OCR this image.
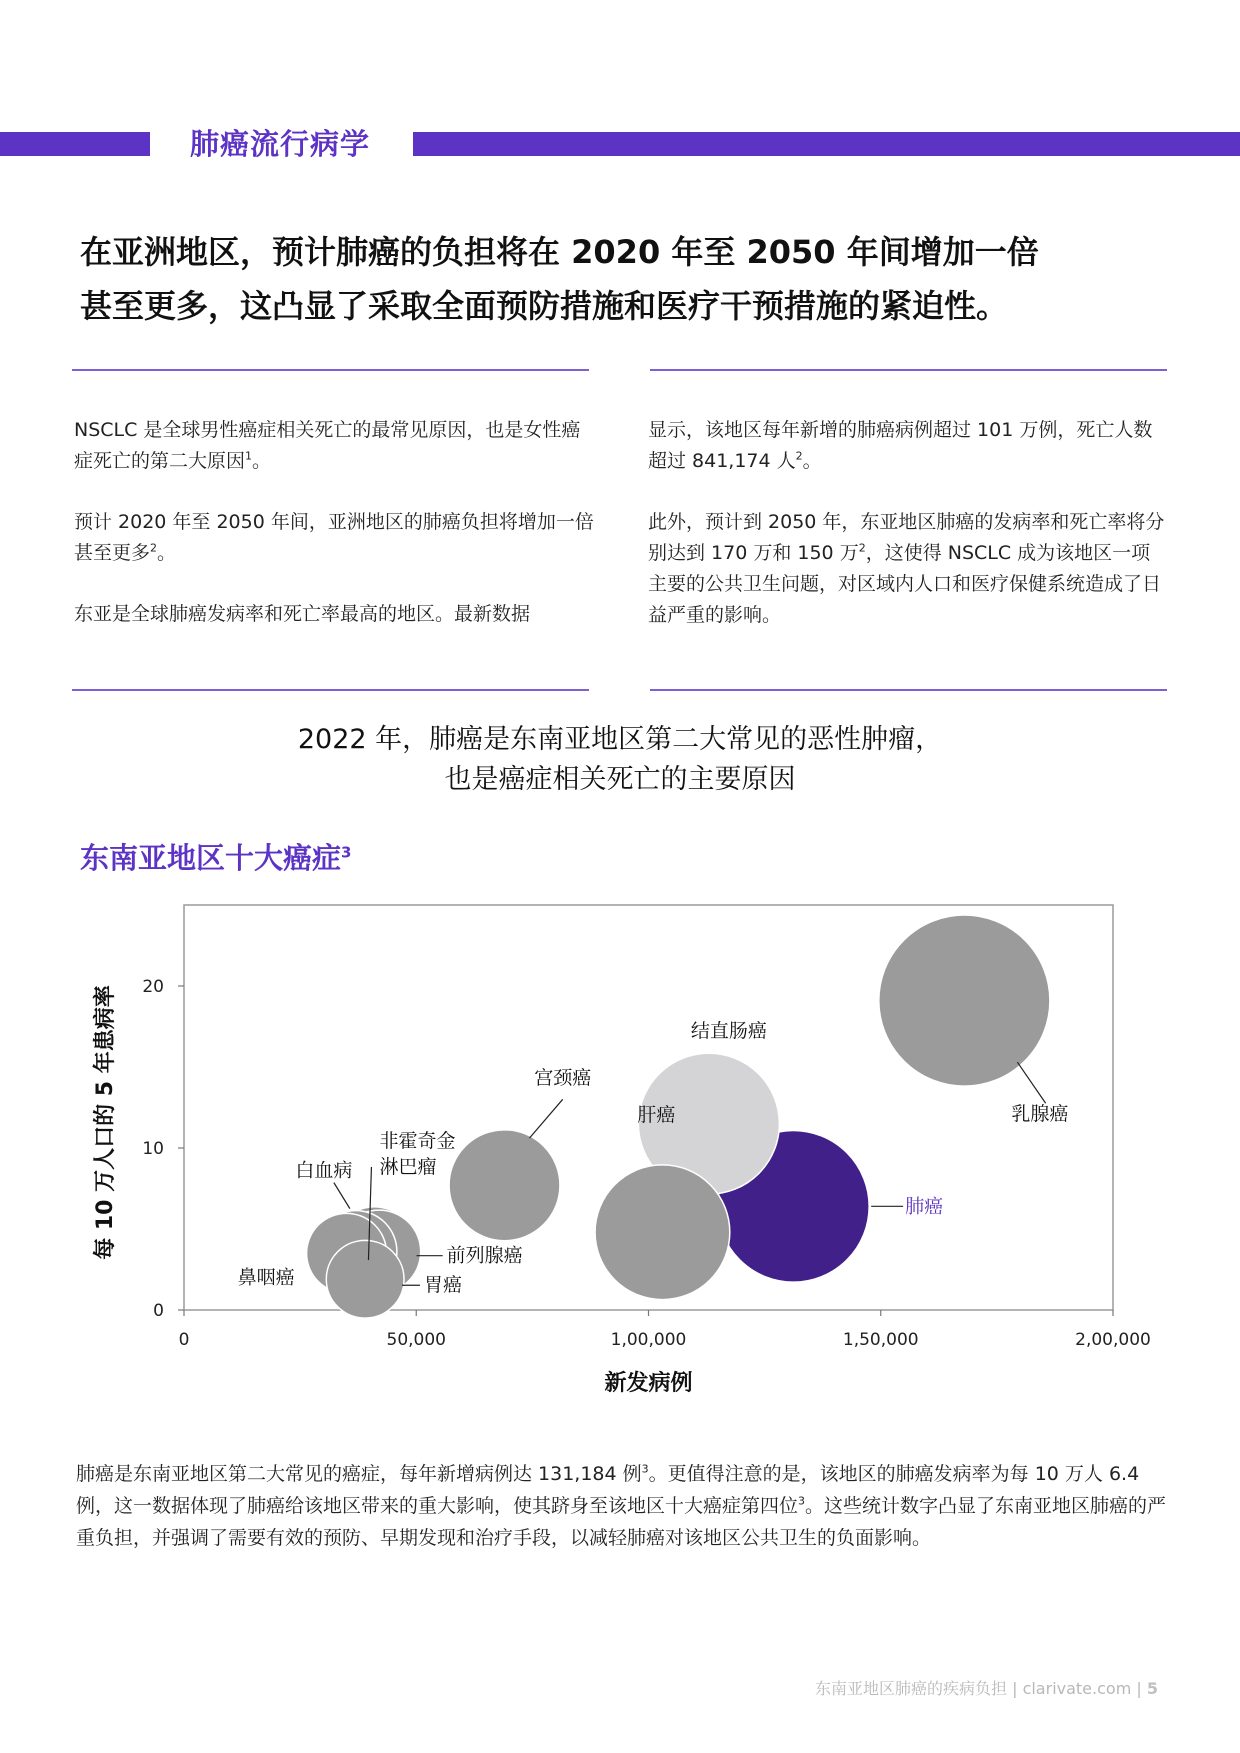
肺癌流行病学
在亚洲地区，预计肺癌的负担将在 2020 年至 2050 年间增加一倍
甚至更多，这凸显了采取全面预防措施和医疗干预措施的紧迫性。

NSCLC 是全球男性癌症相关死亡的最常见原因，也是女性癌症死亡的第二大原因$^1$。

预计 2020 年至 2050 年间，亚洲地区的肺癌负担将增加一倍甚至更多$^2$。

东亚是全球肺癌发病率和死亡率最高的地区。最新数据

显示，该地区每年新增的肺癌病例超过 101 万例，死亡人数超过 841,174 人$^2$。

此外，预计到 2050 年，东亚地区肺癌的发病率和死亡率将分别达到 170 万和 150 万$^2$，这使得 NSCLC 成为该地区一项主要的公共卫生问题，对区域内人口和医疗保健系统造成了日益严重的影响。

2022 年，肺癌是东南亚地区第二大常见的恶性肿瘤，
也是癌症相关死亡的主要原因
东南亚地区十大癌症$^3$
0	50,000	1,00,000	1,50,000	2,00,000
0
10
20
新发病例
每 10 万人口的 5 年患病率	乳腺癌
结直肠癌
肺癌
肝癌
宫颈癌
非霍奇金
淋巴瘤
白血病
前列腺癌
鼻咽癌	胃癌
肺癌是东南亚地区第二大常见的癌症，每年新增病例达 131,184 例$^3$。更值得注意的是，该地区的肺癌发病率为每 10 万人 6.4 例，这一数据体现了肺癌给该地区带来的重大影响，使其跻身至该地区十大癌症第四位$^3$。这些统计数字凸显了东南亚地区肺癌的严重负担，并强调了需要有效的预防、早期发现和治疗手段，以减轻肺癌对该地区公共卫生的负面影响。
东南亚地区肺癌的疾病负担 | clarivate.com | 5
